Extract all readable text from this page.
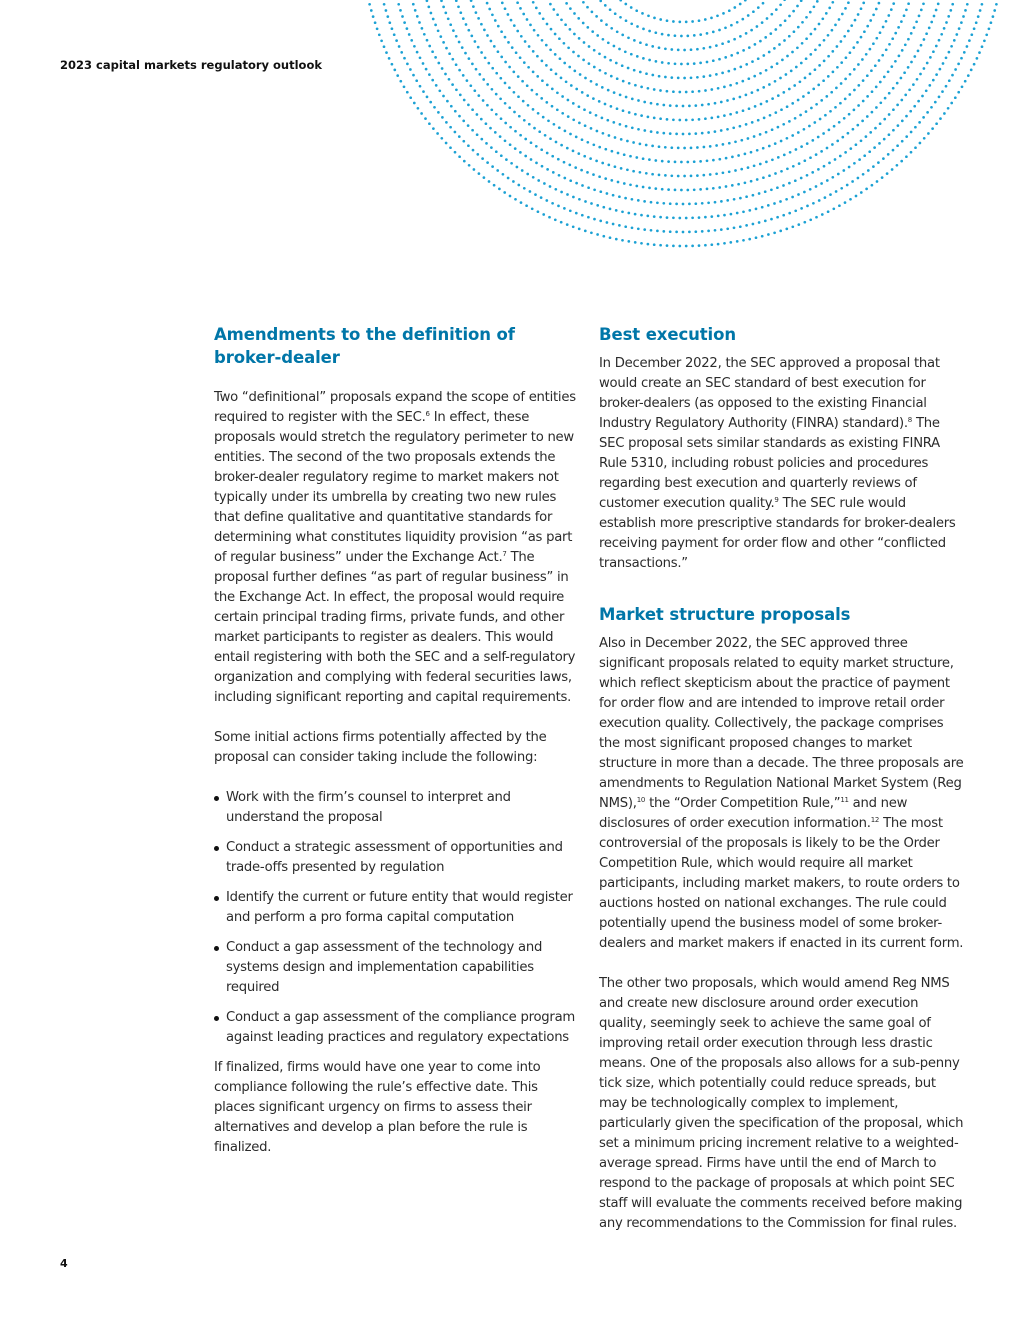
2023 capital markets regulatory outlook
Amendments to the definition of broker-dealer

Two “definitional” proposals expand the scope of entities required to register with the SEC.$^6$ In effect, these proposals would stretch the regulatory perimeter to new entities. The second of the two proposals extends the broker-dealer regulatory regime to market makers not typically under its umbrella by creating two new rules that define qualitative and quantitative standards for determining what constitutes liquidity provision “as part of regular business” under the Exchange Act.$^7$ The proposal further defines “as part of regular business” in the Exchange Act. In effect, the proposal would require certain principal trading firms, private funds, and other market participants to register as dealers. This would entail registering with both the SEC and a self-regulatory organization and complying with federal securities laws, including significant reporting and capital requirements.

Some initial actions firms potentially affected by the proposal can consider taking include the following:

Work with the firm’s counsel to interpret and understand the proposal
Conduct a strategic assessment of opportunities and trade-offs presented by regulation
Identify the current or future entity that would register and perform a pro forma capital computation
Conduct a gap assessment of the technology and systems design and implementation capabilities required
Conduct a gap assessment of the compliance program against leading practices and regulatory expectations

If finalized, firms would have one year to come into compliance following the rule’s effective date. This places significant urgency on firms to assess their alternatives and develop a plan before the rule is finalized.

Best execution

In December 2022, the SEC approved a proposal that would create an SEC standard of best execution for broker-dealers (as opposed to the existing Financial Industry Regulatory Authority (FINRA) standard).$^8$ The SEC proposal sets similar standards as existing FINRA Rule 5310, including robust policies and procedures regarding best execution and quarterly reviews of customer execution quality.$^9$ The SEC rule would establish more prescriptive standards for broker-dealers receiving payment for order flow and other “conflicted transactions.”

Market structure proposals

Also in December 2022, the SEC approved three significant proposals related to equity market structure, which reflect skepticism about the practice of payment for order flow and are intended to improve retail order execution quality. Collectively, the package comprises the most significant proposed changes to market structure in more than a decade. The three proposals are amendments to Regulation National Market System (Reg NMS),$^{10}$ the “Order Competition Rule,”$^{11}$ and new disclosures of order execution information.$^{12}$ The most controversial of the proposals is likely to be the Order Competition Rule, which would require all market participants, including market makers, to route orders to auctions hosted on national exchanges. The rule could potentially upend the business model of some broker-dealers and market makers if enacted in its current form.

The other two proposals, which would amend Reg NMS and create new disclosure around order execution quality, seemingly seek to achieve the same goal of improving retail order execution through less drastic means. One of the proposals also allows for a sub-penny tick size, which potentially could reduce spreads, but may be technologically complex to implement, particularly given the specification of the proposal, which set a minimum pricing increment relative to a weighted-average spread. Firms have until the end of March to respond to the package of proposals at which point SEC staff will evaluate the comments received before making any recommendations to the Commission for final rules.

4
